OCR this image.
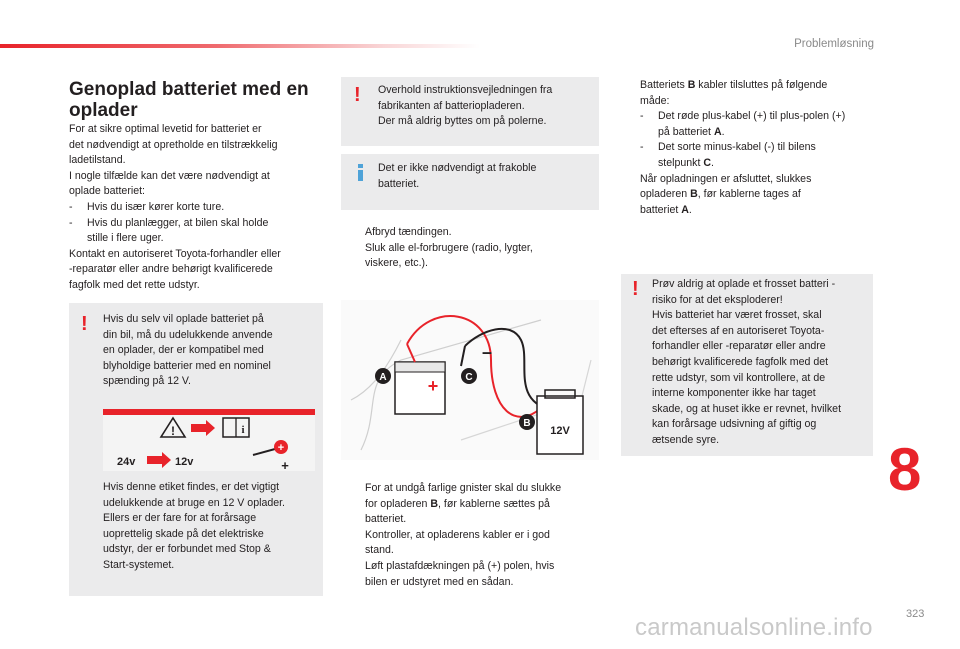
Problemløsning
Genoplad batteriet med en oplader
For at sikre optimal levetid for batteriet er
det nødvendigt at opretholde en tilstrækkelig
ladetilstand.
I nogle tilfælde kan det være nødvendigt at
oplade batteriet:
- Hvis du især kører korte ture.
- Hvis du planlægger, at bilen skal holde
stille i flere uger.
Kontakt en autoriseret Toyota-forhandler eller
-reparatør eller andre behørigt kvalificerede
fagfolk med det rette udstyr.
! Hvis du selv vil oplade batteriet på
din bil, må du udelukkende anvende
en oplader, der er kompatibel med
blyholdige batterier med en nominel
spænding på 12 V.
Hvis denne etiket findes, er det vigtigt
udelukkende at bruge en 12 V oplader.
Ellers er der fare for at forårsage
uoprettelig skade på det elektriske
udstyr, der er forbundet med Stop &
Start-systemet.
!	i
24v	12v
+
+
! Overhold instruktionsvejledningen fra
fabrikanten af batteriopladeren.
Der må aldrig byttes om på polerne.
Det er ikke nødvendigt at frakoble
batteriet.
Afbryd tændingen.
Sluk alle el-forbrugere (radio, lygter,
viskere, etc.).
+
A
–
C
12V
B
For at undgå farlige gnister skal du slukke
for opladeren B, før kablerne sættes på
batteriet.
Kontroller, at opladerens kabler er i god
stand.
Løft plastafdækningen på (+) polen, hvis
bilen er udstyret med en sådan.
Batteriets B kabler tilsluttes på følgende
måde:
- Det røde plus-kabel (+) til plus-polen (+)
på batteriet A.
- Det sorte minus-kabel (-) til bilens
stelpunkt C.
Når opladningen er afsluttet, slukkes
opladeren B, før kablerne tages af
batteriet A.
! Prøv aldrig at oplade et frosset batteri -
risiko for at det eksploderer!
Hvis batteriet har været frosset, skal
det efterses af en autoriseret Toyota-
forhandler eller -reparatør eller andre
behørigt kvalificerede fagfolk med det
rette udstyr, som vil kontrollere, at de
interne komponenter ikke har taget
skade, og at huset ikke er revnet, hvilket
kan forårsage udsivning af giftig og
ætsende syre.	8
323
carmanualsonline.info
